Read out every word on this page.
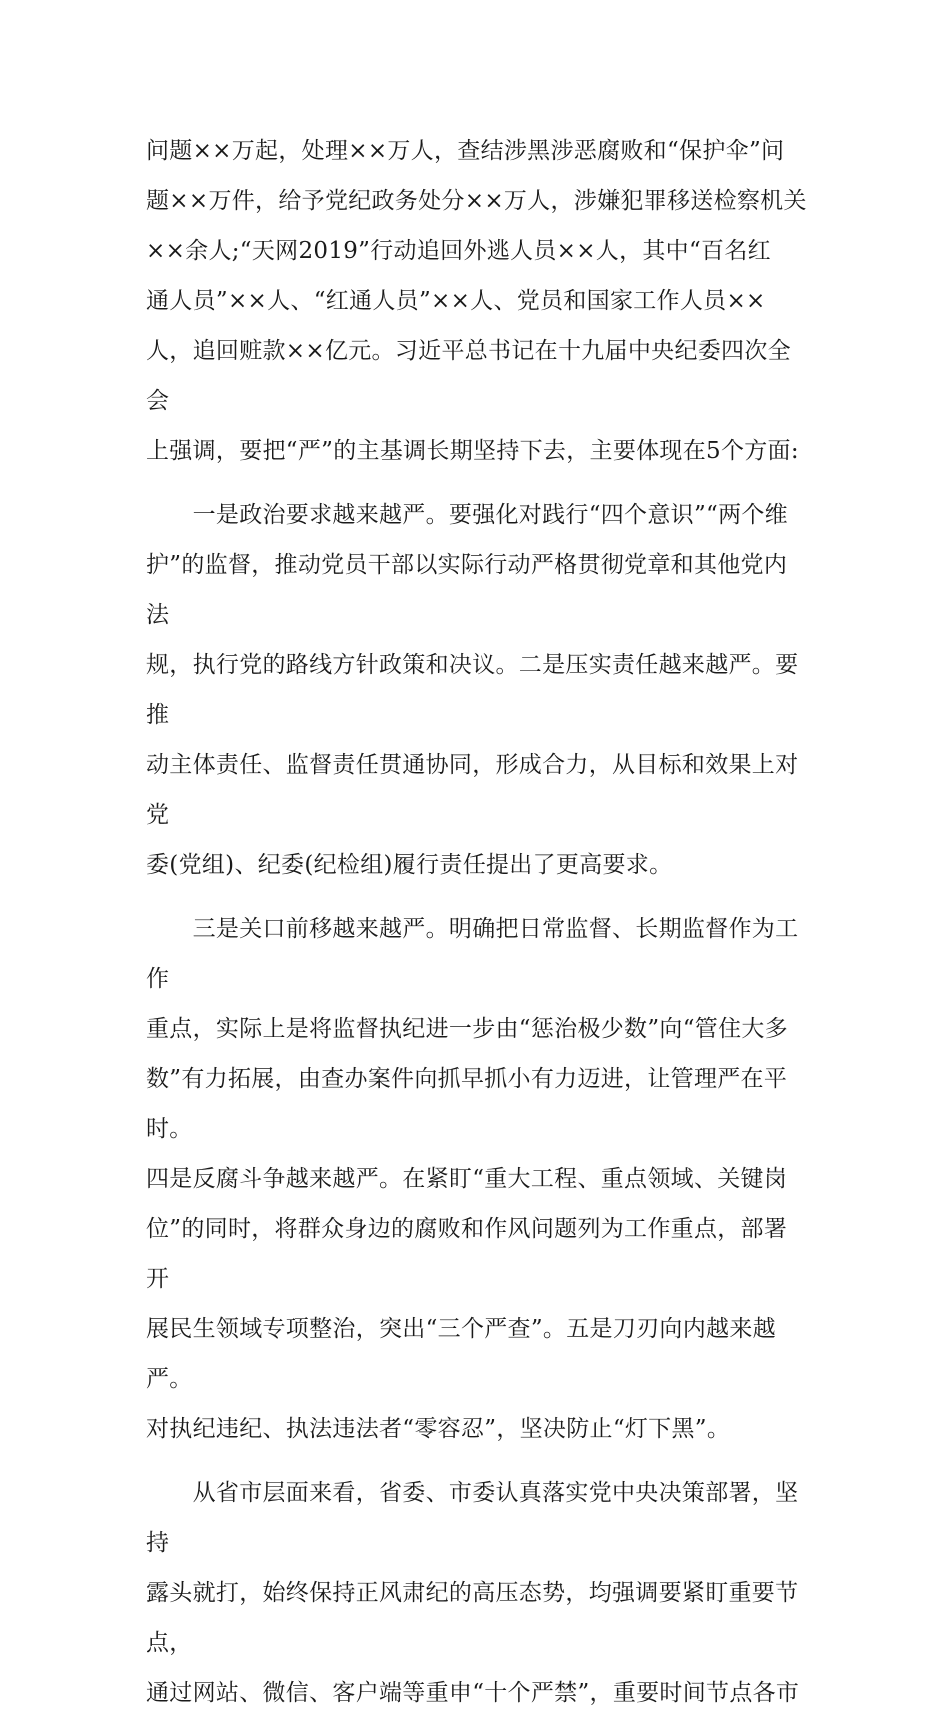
问题××万起，处理××万人，查结涉黑涉恶腐败和“保护伞”问
题××万件，给予党纪政务处分××万人，涉嫌犯罪移送检察机关
××余人;“天网2019”行动追回外逃人员××人，其中“百名红
通人员”××人、“红通人员”××人、党员和国家工作人员××
人，追回赃款××亿元。习近平总书记在十九届中央纪委四次全会
上强调，要把“严”的主基调长期坚持下去，主要体现在5个方面:

　　一是政治要求越来越严。要强化对践行“四个意识”“两个维
护”的监督，推动党员干部以实际行动严格贯彻党章和其他党内法
规，执行党的路线方针政策和决议。二是压实责任越来越严。要推
动主体责任、监督责任贯通协同，形成合力，从目标和效果上对党
委(党组)、纪委(纪检组)履行责任提出了更高要求。

　　三是关口前移越来越严。明确把日常监督、长期监督作为工作
重点，实际上是将监督执纪进一步由“惩治极少数”向“管住大多
数”有力拓展，由查办案件向抓早抓小有力迈进，让管理严在平时。
四是反腐斗争越来越严。在紧盯“重大工程、重点领域、关键岗
位”的同时，将群众身边的腐败和作风问题列为工作重点，部署开
展民生领域专项整治，突出“三个严查”。五是刀刃向内越来越严。
对执纪违纪、执法违法者“零容忍”，坚决防止“灯下黑”。

　　从省市层面来看，省委、市委认真落实党中央决策部署，坚持
露头就打，始终保持正风肃纪的高压态势，均强调要紧盯重要节点，
通过网站、微信、客户端等重申“十个严禁”，重要时间节点各市
